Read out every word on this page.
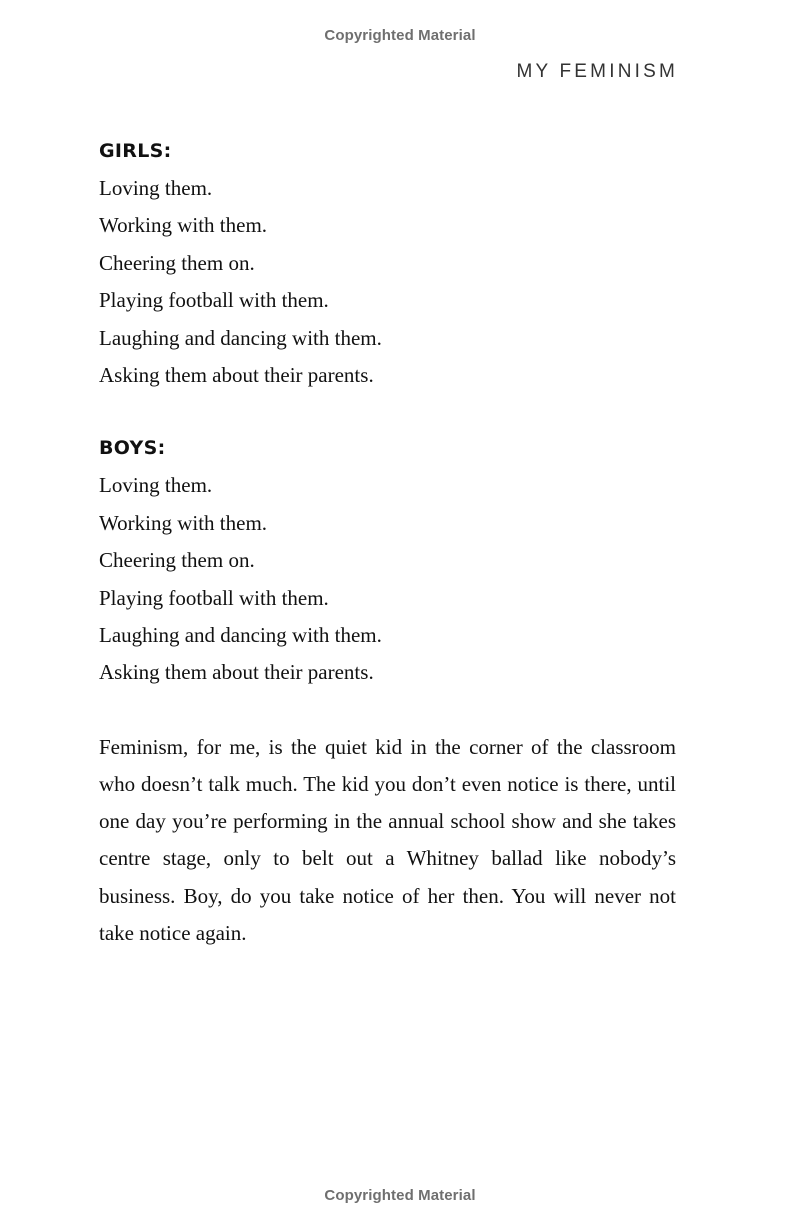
Copyrighted Material
MY FEMINISM
GIRLS:
Loving them.
Working with them.
Cheering them on.
Playing football with them.
Laughing and dancing with them.
Asking them about their parents.
BOYS:
Loving them.
Working with them.
Cheering them on.
Playing football with them.
Laughing and dancing with them.
Asking them about their parents.

Feminism, for me, is the quiet kid in the corner of the classroom who doesn’t talk much. The kid you don’t even notice is there, until one day you’re performing in the annual school show and she takes centre stage, only to belt out a Whitney ballad like nobody’s business. Boy, do you take notice of her then. You will never not take notice again.

Copyrighted Material
